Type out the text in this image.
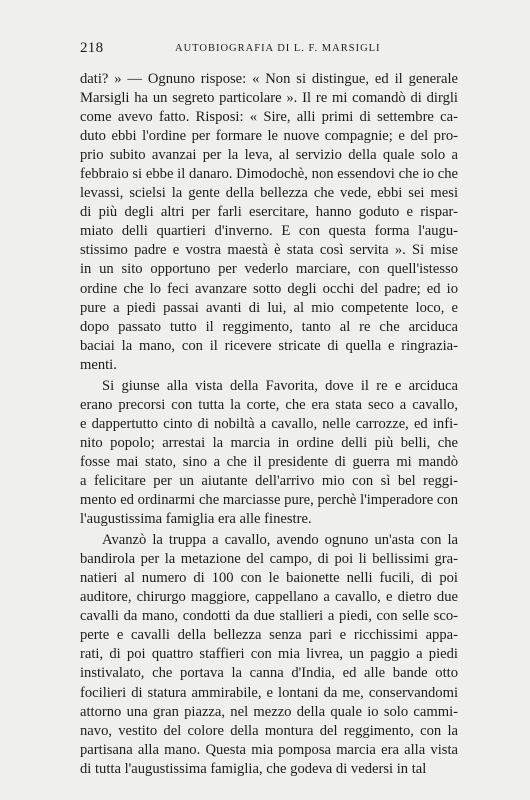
218	AUTOBIOGRAFIA DI L. F. MARSIGLI

dati? » — Ognuno rispose: « Non si distingue, ed il generale
Marsigli ha un segreto particolare ». Il re mi comandò di dirgli
come avevo fatto. Risposi: « Sire, alli primi di settembre ca-
duto ebbi l'ordine per formare le nuove compagnie; e del pro-
prio subito avanzai per la leva, al servizio della quale solo a
febbraio si ebbe il danaro. Dimodochè, non essendovi che io che
levassi, scielsi la gente della bellezza che vede, ebbi sei mesi
di più degli altri per farli esercitare, hanno goduto e rispar-
miato delli quartieri d'inverno. E con questa forma l'augu-
stissimo padre e vostra maestà è stata così servita ». Si mise
in un sito opportuno per vederlo marciare, con quell'istesso
ordine che lo feci avanzare sotto degli occhi del padre; ed io
pure a piedi passai avanti di lui, al mio competente loco, e
dopo passato tutto il reggimento, tanto al re che arciduca
baciai la mano, con il ricevere stricate di quella e ringrazia-
menti.

Si giunse alla vista della Favorita, dove il re e arciduca
erano precorsi con tutta la corte, che era stata seco a cavallo,
e dappertutto cinto di nobiltà a cavallo, nelle carrozze, ed infi-
nito popolo; arrestai la marcia in ordine delli più belli, che
fosse mai stato, sino a che il presidente di guerra mi mandò
a felicitare per un aiutante dell'arrivo mio con sì bel reggi-
mento ed ordinarmi che marciasse pure, perchè l'imperadore con
l'augustissima famiglia era alle finestre.

Avanzò la truppa a cavallo, avendo ognuno un'asta con la
bandirola per la metazione del campo, di poi li bellissimi gra-
natieri al numero di 100 con le baionette nelli fucili, di poi
auditore, chirurgo maggiore, cappellano a cavallo, e dietro due
cavalli da mano, condotti da due stallieri a piedi, con selle sco-
perte e cavalli della bellezza senza pari e ricchissimi appa-
rati, di poi quattro staffieri con mia livrea, un paggio a piedi
instivalato, che portava la canna d'India, ed alle bande otto
focilieri di statura ammirabile, e lontani da me, conservandomi
attorno una gran piazza, nel mezzo della quale io solo cammi-
navo, vestito del colore della montura del reggimento, con la
partisana alla mano. Questa mia pomposa marcia era alla vista
di tutta l'augustissima famiglia, che godeva di vedersi in tal
